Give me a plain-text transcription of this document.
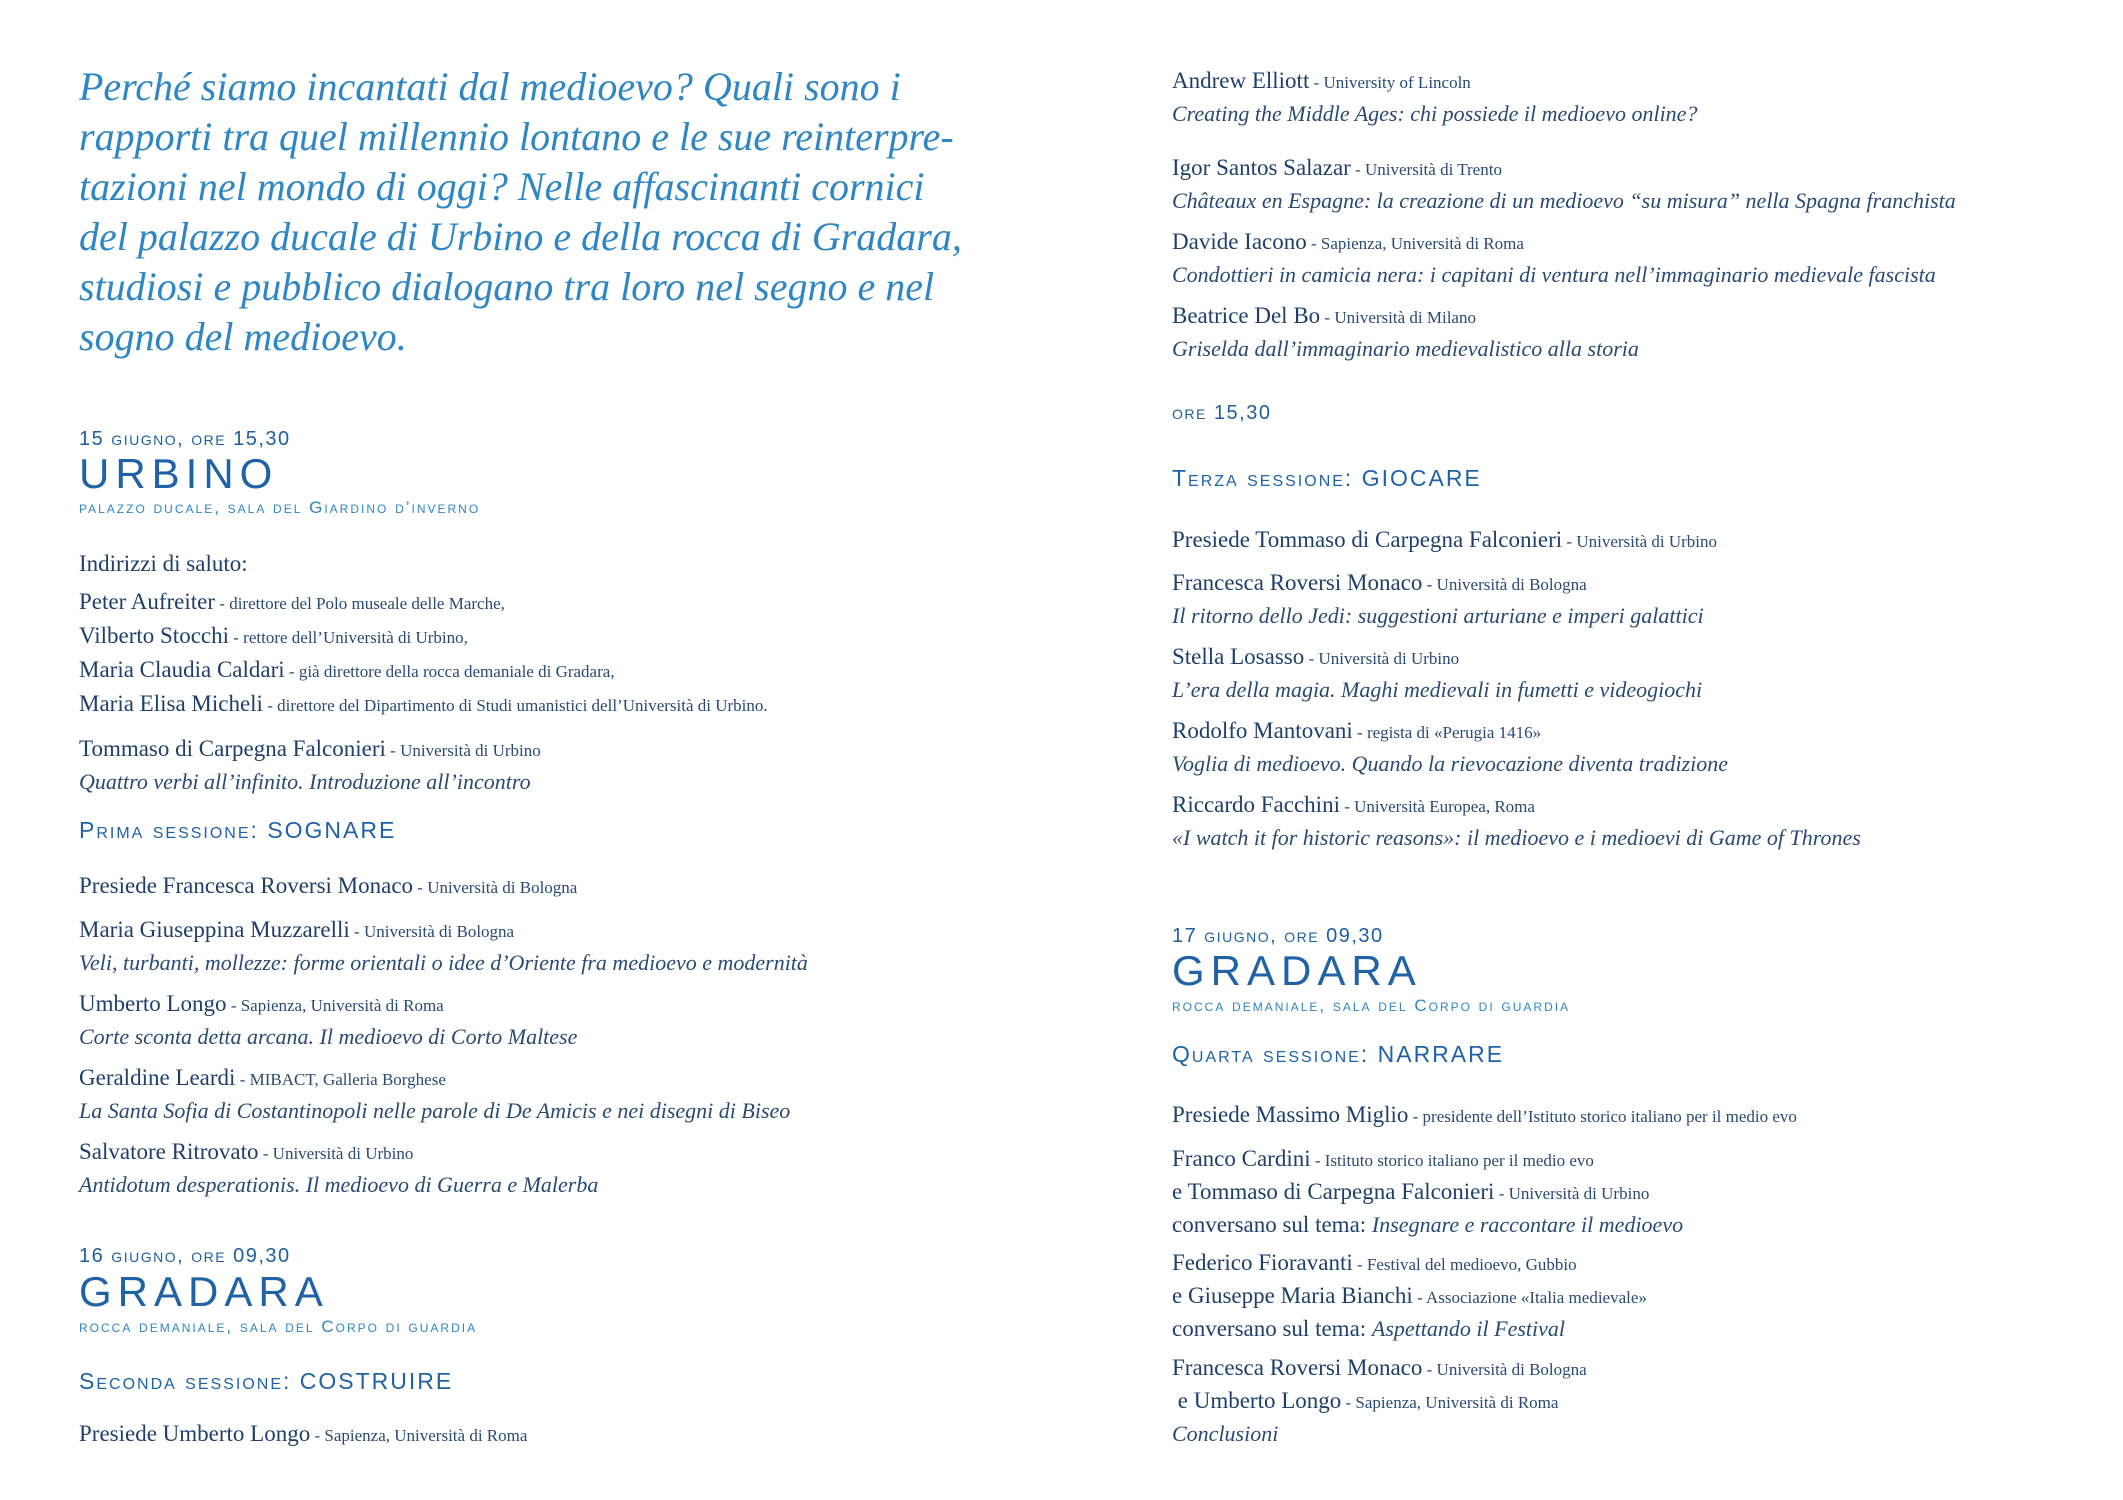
Perché siamo incantati dal medioevo? Quali sono i
rapporti tra quel millennio lontano e le sue reinterpre-
tazioni nel mondo di oggi? Nelle affascinanti cornici
del palazzo ducale di Urbino e della rocca di Gradara,
studiosi e pubblico dialogano tra loro nel segno e nel
sogno del medioevo.
15 giugno, ore 15,30
URBINO
palazzo ducale, sala del Giardino d’inverno
Indirizzi di saluto:
Peter Aufreiter - direttore del Polo museale delle Marche,
Vilberto Stocchi - rettore dell’Università di Urbino,
Maria Claudia Caldari - già direttore della rocca demaniale di Gradara,
Maria Elisa Micheli - direttore del Dipartimento di Studi umanistici dell’Università di Urbino.
Tommaso di Carpegna Falconieri - Università di Urbino
Quattro verbi all’infinito. Introduzione all’incontro
Prima sessione: SOGNARE
Presiede Francesca Roversi Monaco - Università di Bologna
Maria Giuseppina Muzzarelli - Università di Bologna
Veli, turbanti, mollezze: forme orientali o idee d’Oriente fra medioevo e modernità
Umberto Longo - Sapienza, Università di Roma
Corte sconta detta arcana. Il medioevo di Corto Maltese
Geraldine Leardi - MIBACT, Galleria Borghese
La Santa Sofia di Costantinopoli nelle parole di De Amicis e nei disegni di Biseo
Salvatore Ritrovato - Università di Urbino
Antidotum desperationis. Il medioevo di Guerra e Malerba
16 giugno, ore 09,30
GRADARA
rocca demaniale, sala del Corpo di guardia
Seconda sessione: COSTRUIRE
Presiede Umberto Longo - Sapienza, Università di Roma
Andrew Elliott - University of Lincoln
Creating the Middle Ages: chi possiede il medioevo online?
Igor Santos Salazar - Università di Trento
Châteaux en Espagne: la creazione di un medioevo “su misura” nella Spagna franchista
Davide Iacono - Sapienza, Università di Roma
Condottieri in camicia nera: i capitani di ventura nell’immaginario medievale fascista
Beatrice Del Bo - Università di Milano
Griselda dall’immaginario medievalistico alla storia
ore 15,30
Terza sessione: GIOCARE
Presiede Tommaso di Carpegna Falconieri - Università di Urbino
Francesca Roversi Monaco - Università di Bologna
Il ritorno dello Jedi: suggestioni arturiane e imperi galattici
Stella Losasso - Università di Urbino
L’era della magia. Maghi medievali in fumetti e videogiochi
Rodolfo Mantovani - regista di «Perugia 1416»
Voglia di medioevo. Quando la rievocazione diventa tradizione
Riccardo Facchini - Università Europea, Roma
«I watch it for historic reasons»: il medioevo e i medioevi di Game of Thrones
17 giugno, ore 09,30
GRADARA
rocca demaniale, sala del Corpo di guardia
Quarta sessione: NARRARE
Presiede Massimo Miglio - presidente dell’Istituto storico italiano per il medio evo
Franco Cardini - Istituto storico italiano per il medio evo
e Tommaso di Carpegna Falconieri - Università di Urbino
conversano sul tema: Insegnare e raccontare il medioevo
Federico Fioravanti - Festival del medioevo, Gubbio
e Giuseppe Maria Bianchi - Associazione «Italia medievale»
conversano sul tema: Aspettando il Festival
Francesca Roversi Monaco - Università di Bologna
e Umberto Longo - Sapienza, Università di Roma
Conclusioni
